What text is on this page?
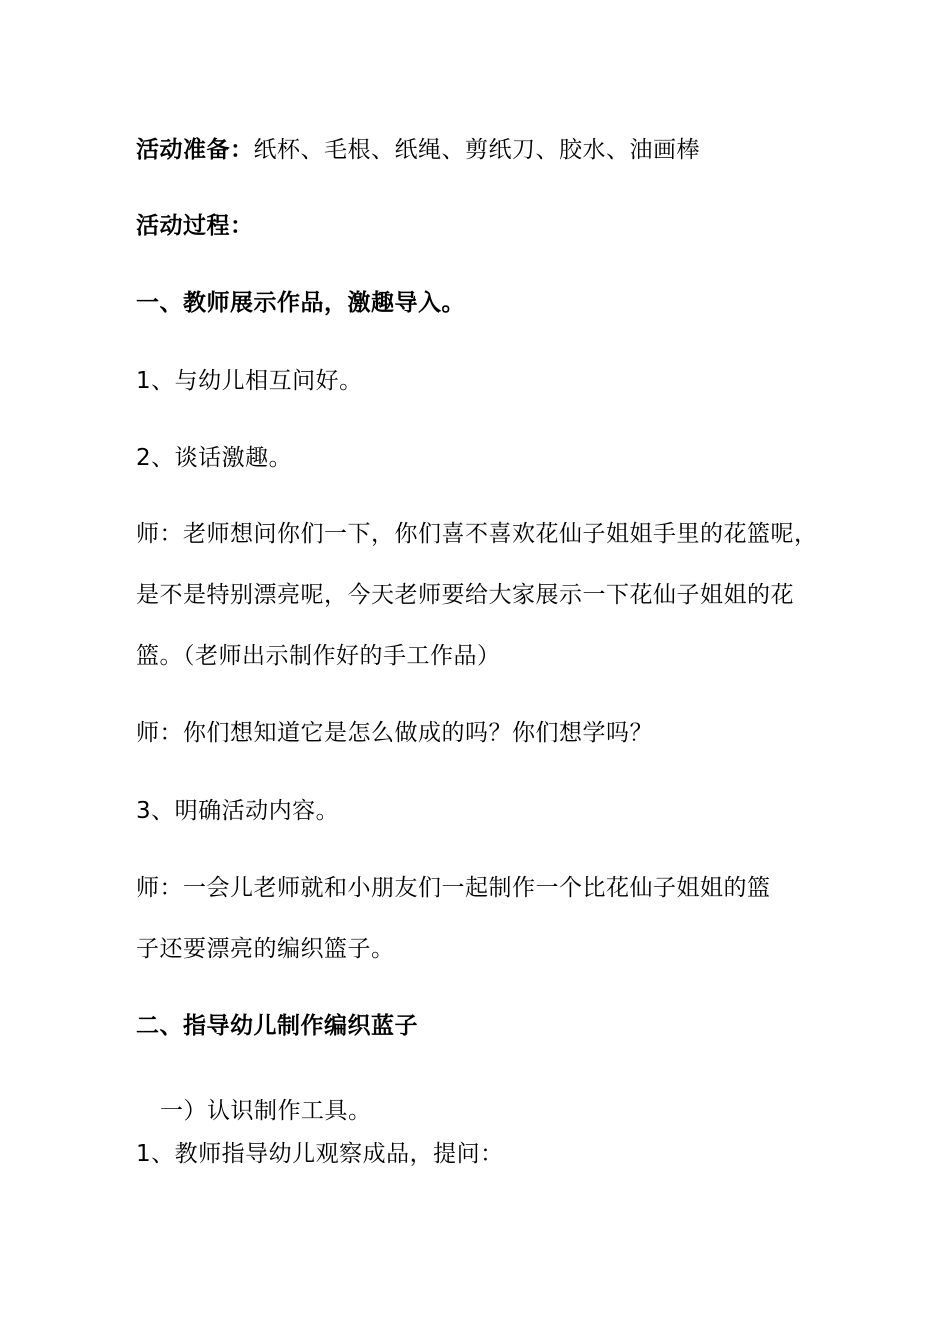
活动准备：纸杯、毛根、纸绳、剪纸刀、胶水、油画棒
活动过程：
一、教师展示作品，激趣导入。
1、与幼儿相互问好。
2、谈话激趣。
师：老师想问你们一下，你们喜不喜欢花仙子姐姐手里的花篮呢，
是不是特别漂亮呢，今天老师要给大家展示一下花仙子姐姐的花
篮。（老师出示制作好的手工作品）
师：你们想知道它是怎么做成的吗？你们想学吗？
3、明确活动内容。
师：一会儿老师就和小朋友们一起制作一个比花仙子姐姐的篮
子还要漂亮的编织篮子。
二、指导幼儿制作编织蓝子
一）认识制作工具。
1、教师指导幼儿观察成品，提问：
